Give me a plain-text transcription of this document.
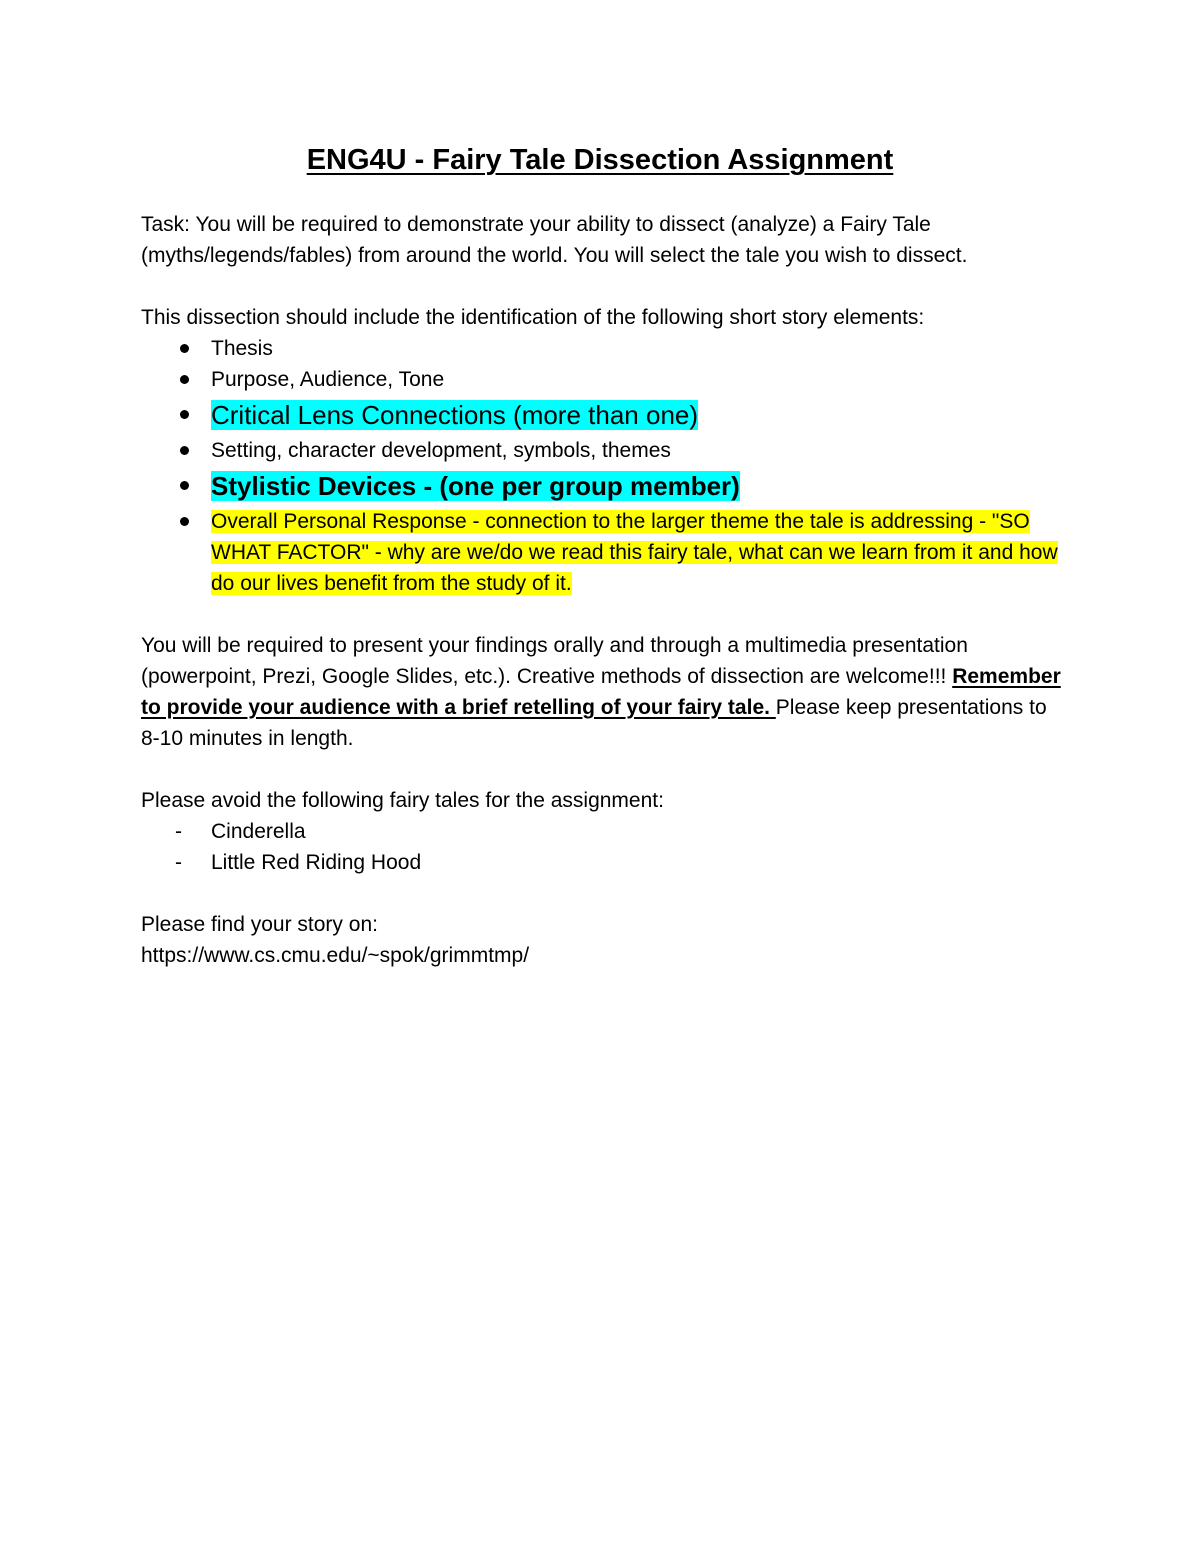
ENG4U - Fairy Tale Dissection Assignment

Task: You will be required to demonstrate your ability to dissect (analyze) a Fairy Tale (myths/legends/fables) from around the world. You will select the tale you wish to dissect.

This dissection should include the identification of the following short story elements:

Thesis
Purpose, Audience, Tone
Critical Lens Connections (more than one)
Setting, character development, symbols, themes
Stylistic Devices - (one per group member)
Overall Personal Response - connection to the larger theme the tale is addressing - "SO WHAT FACTOR" - why are we/do we read this fairy tale, what can we learn from it and how do our lives benefit from the study of it.

You will be required to present your findings orally and through a multimedia presentation (powerpoint, Prezi, Google Slides, etc.). Creative methods of dissection are welcome!!! Remember to provide your audience with a brief retelling of your fairy tale. Please keep presentations to 8-10 minutes in length.

Please avoid the following fairy tales for the assignment:

- Cinderella
- Little Red Riding Hood

Please find your story on:

https://www.cs.cmu.edu/~spok/grimmtmp/
